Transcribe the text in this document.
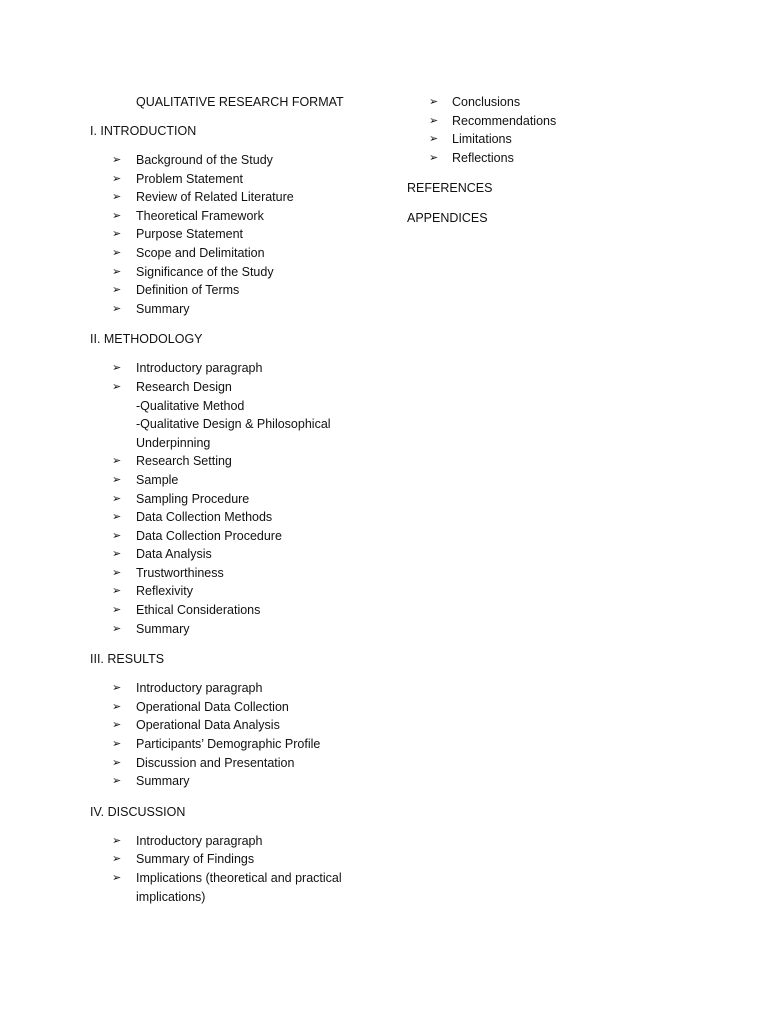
QUALITATIVE RESEARCH FORMAT
I. INTRODUCTION
➢ Background of the Study
➢ Problem Statement
➢ Review of Related Literature
➢ Theoretical Framework
➢ Purpose Statement
➢ Scope and Delimitation
➢ Significance of the Study
➢ Definition of Terms
➢ Summary
II. METHODOLOGY
➢ Introductory paragraph
➢ Research Design
-Qualitative Method
-Qualitative Design & Philosophical Underpinning
➢ Research Setting
➢ Sample
➢ Sampling Procedure
➢ Data Collection Methods
➢ Data Collection Procedure
➢ Data Analysis
➢ Trustworthiness
➢ Reflexivity
➢ Ethical Considerations
➢ Summary
III. RESULTS
➢ Introductory paragraph
➢ Operational Data Collection
➢ Operational Data Analysis
➢ Participants’ Demographic Profile
➢ Discussion and Presentation
➢ Summary
IV. DISCUSSION
➢ Introductory paragraph
➢ Summary of Findings
➢ Implications (theoretical and practical implications)
➢ Conclusions
➢ Recommendations
➢ Limitations
➢ Reflections
REFERENCES
APPENDICES
